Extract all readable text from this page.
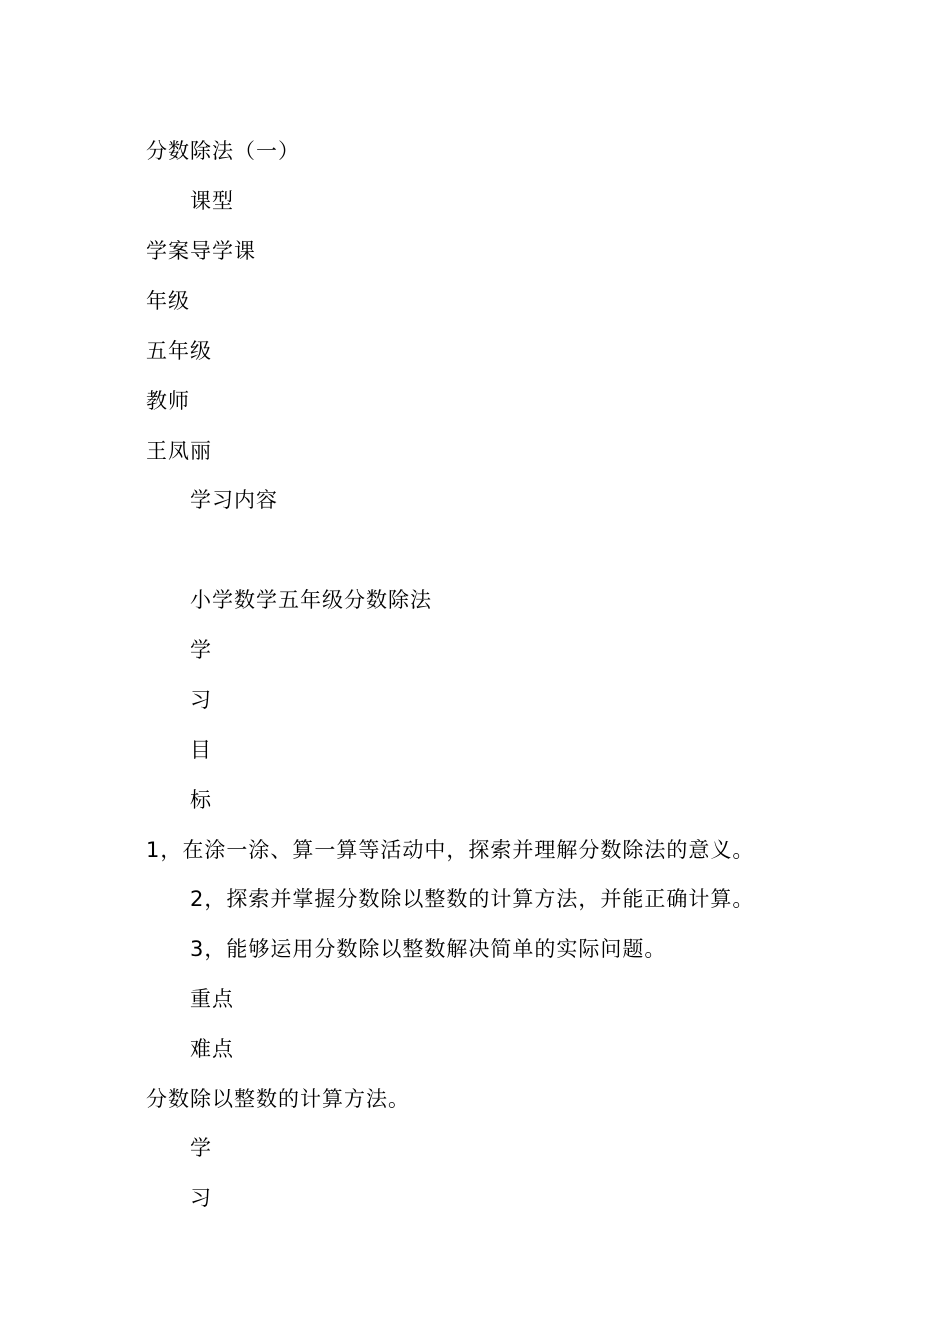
分数除法（一）
课型
学案导学课
年级
五年级
教师
王凤丽
学习内容
小学数学五年级分数除法
学
习
目
标
1，在涂一涂、算一算等活动中，探索并理解分数除法的意义。
2，探索并掌握分数除以整数的计算方法，并能正确计算。
3，能够运用分数除以整数解决简单的实际问题。
重点
难点
分数除以整数的计算方法。
学
习
